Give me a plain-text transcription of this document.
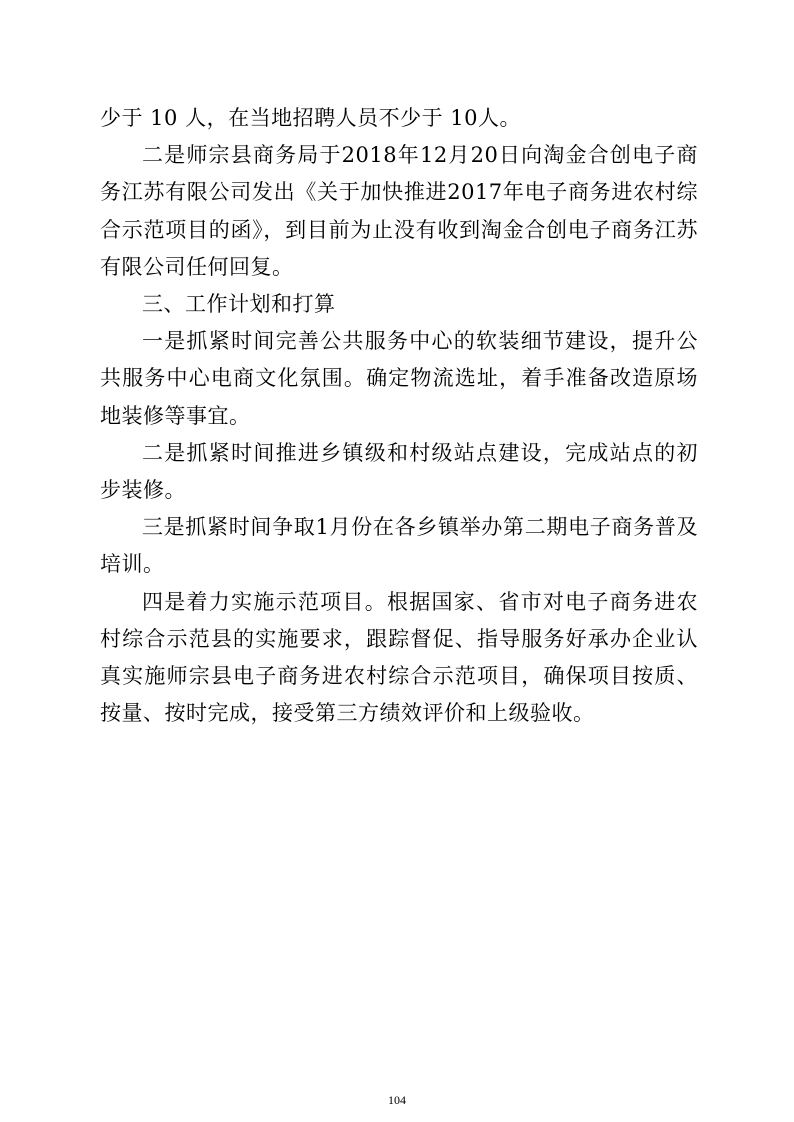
少于 10 人，在当地招聘人员不少于 10人。

二是师宗县商务局于2018年12月20日向淘金合创电子商务江苏有限公司发出《关于加快推进2017年电子商务进农村综合示范项目的函》，到目前为止没有收到淘金合创电子商务江苏有限公司任何回复。

三、工作计划和打算

一是抓紧时间完善公共服务中心的软装细节建设，提升公共服务中心电商文化氛围。确定物流选址，着手准备改造原场地装修等事宜。

二是抓紧时间推进乡镇级和村级站点建设，完成站点的初步装修。

三是抓紧时间争取1月份在各乡镇举办第二期电子商务普及培训。

四是着力实施示范项目。根据国家、省市对电子商务进农村综合示范县的实施要求，跟踪督促、指导服务好承办企业认真实施师宗县电子商务进农村综合示范项目，确保项目按质、按量、按时完成，接受第三方绩效评价和上级验收。

104
